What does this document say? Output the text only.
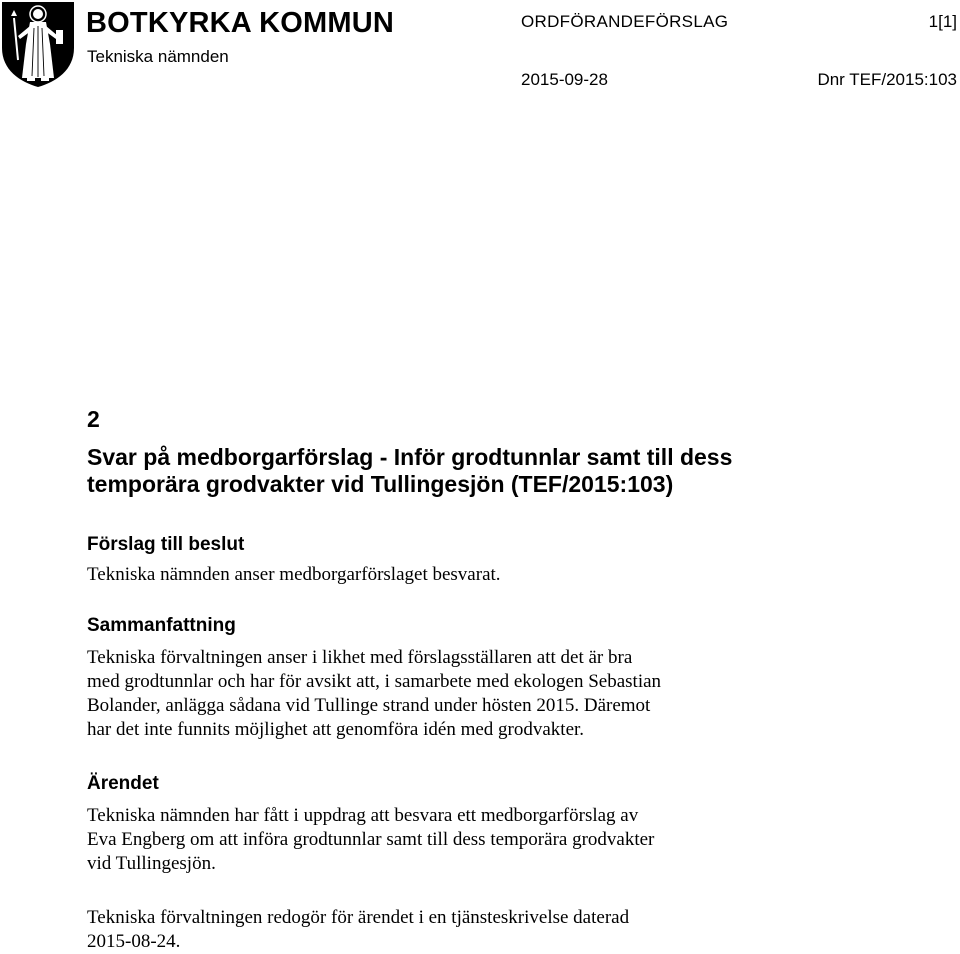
BOTKYRKA KOMMUN
Tekniska nämnden
ORDFÖRANDEFÖRSLAG	1[1]
2015-09-28	Dnr TEF/2015:103
2
Svar på medborgarförslag - Inför grodtunnlar samt till dess
temporära grodvakter vid Tullingesjön (TEF/2015:103)
Förslag till beslut
Tekniska nämnden anser medborgarförslaget besvarat.
Sammanfattning
Tekniska förvaltningen anser i likhet med förslagsställaren att det är bra
med grodtunnlar och har för avsikt att, i samarbete med ekologen Sebastian
Bolander, anlägga sådana vid Tullinge strand under hösten 2015. Däremot
har det inte funnits möjlighet att genomföra idén med grodvakter.
Ärendet
Tekniska nämnden har fått i uppdrag att besvara ett medborgarförslag av
Eva Engberg om att införa grodtunnlar samt till dess temporära grodvakter
vid Tullingesjön.
Tekniska förvaltningen redogör för ärendet i en tjänsteskrivelse daterad
2015-08-24.
